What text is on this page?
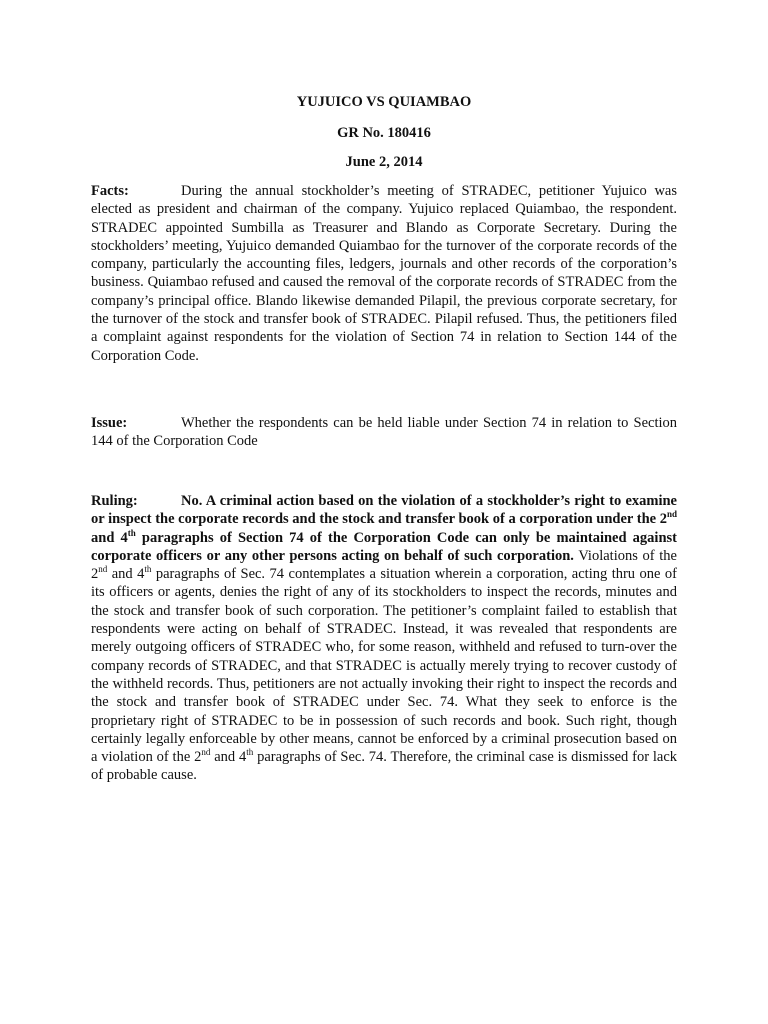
YUJUICO VS QUIAMBAO
GR No. 180416
June 2, 2014

Facts:	During the annual stockholder’s meeting of STRADEC, petitioner Yujuico was elected as president and chairman of the company. Yujuico replaced Quiambao, the respondent. STRADEC appointed Sumbilla as Treasurer and Blando as Corporate Secretary. During the stockholders’ meeting, Yujuico demanded Quiambao for the turnover of the corporate records of the company, particularly the accounting files, ledgers, journals and other records of the corporation’s business. Quiambao refused and caused the removal of the corporate records of STRADEC from the company’s principal office. Blando likewise demanded Pilapil, the previous corporate secretary, for the turnover of the stock and transfer book of STRADEC. Pilapil refused. Thus, the petitioners filed a complaint against respondents for the violation of Section 74 in relation to Section 144 of the Corporation Code.

Issue:	Whether the respondents can be held liable under Section 74 in relation to Section 144 of the Corporation Code

Ruling:	No. A criminal action based on the violation of a stockholder’s right to examine or inspect the corporate records and the stock and transfer book of a corporation under the 2nd and 4th paragraphs of Section 74 of the Corporation Code can only be maintained against corporate officers or any other persons acting on behalf of such corporation. Violations of the 2nd and 4th paragraphs of Sec. 74 contemplates a situation wherein a corporation, acting thru one of its officers or agents, denies the right of any of its stockholders to inspect the records, minutes and the stock and transfer book of such corporation. The petitioner’s complaint failed to establish that respondents were acting on behalf of STRADEC. Instead, it was revealed that respondents are merely outgoing officers of STRADEC who, for some reason, withheld and refused to turn-over the company records of STRADEC, and that STRADEC is actually merely trying to recover custody of the withheld records. Thus, petitioners are not actually invoking their right to inspect the records and the stock and transfer book of STRADEC under Sec. 74. What they seek to enforce is the proprietary right of STRADEC to be in possession of such records and book. Such right, though certainly legally enforceable by other means, cannot be enforced by a criminal prosecution based on a violation of the 2nd and 4th paragraphs of Sec. 74. Therefore, the criminal case is dismissed for lack of probable cause.
